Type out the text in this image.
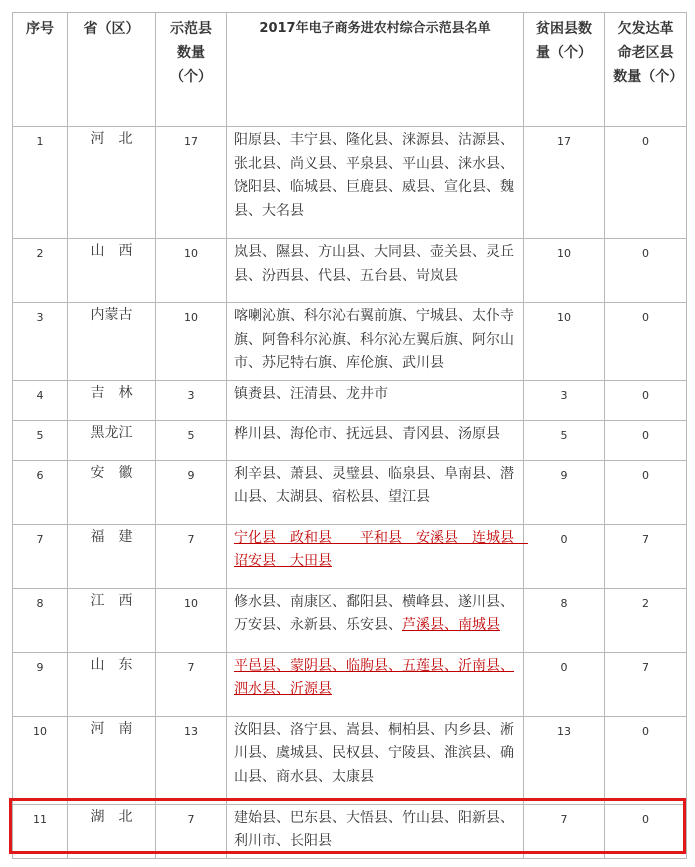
序号	省（区）	示范县数量（个）	2017年电子商务进农村综合示范县名单	贫困县数量（个）	欠发达革命老区县数量（个）

1	河　北	17	阳原县、丰宁县、隆化县、涞源县、沽源县、张北县、尚义县、平泉县、平山县、涞水县、饶阳县、临城县、巨鹿县、威县、宣化县、魏县、大名县	17	0
2	山　西	10	岚县、隰县、方山县、大同县、壶关县、灵丘县、汾西县、代县、五台县、岢岚县	10	0
3	内蒙古	10	喀喇沁旗、科尔沁右翼前旗、宁城县、太仆寺旗、阿鲁科尔沁旗、科尔沁左翼后旗、阿尔山市、苏尼特右旗、库伦旗、武川县	10	0
4	吉　林	3	镇赉县、汪清县、龙井市	3	0
5	黑龙江	5	桦川县、海伦市、抚远县、青冈县、汤原县	5	0
6	安　徽	9	利辛县、萧县、灵璧县、临泉县、阜南县、潜山县、太湖县、宿松县、望江县	9	0
7	福　建	7	宁化县　政和县　　平和县　安溪县　连城县　诏安县　大田县	0	7
8	江　西	10	修水县、南康区、鄱阳县、横峰县、遂川县、万安县、永新县、乐安县、芦溪县、南城县	8	2
9	山　东	7	平邑县、蒙阴县、临朐县、五莲县、沂南县、泗水县、沂源县	0	7
10	河　南	13	汝阳县、洛宁县、嵩县、桐柏县、内乡县、淅川县、虞城县、民权县、宁陵县、淮滨县、确山县、商水县、太康县	13	0
11	湖　北	7	建始县、巴东县、大悟县、竹山县、阳新县、利川市、长阳县	7	0
